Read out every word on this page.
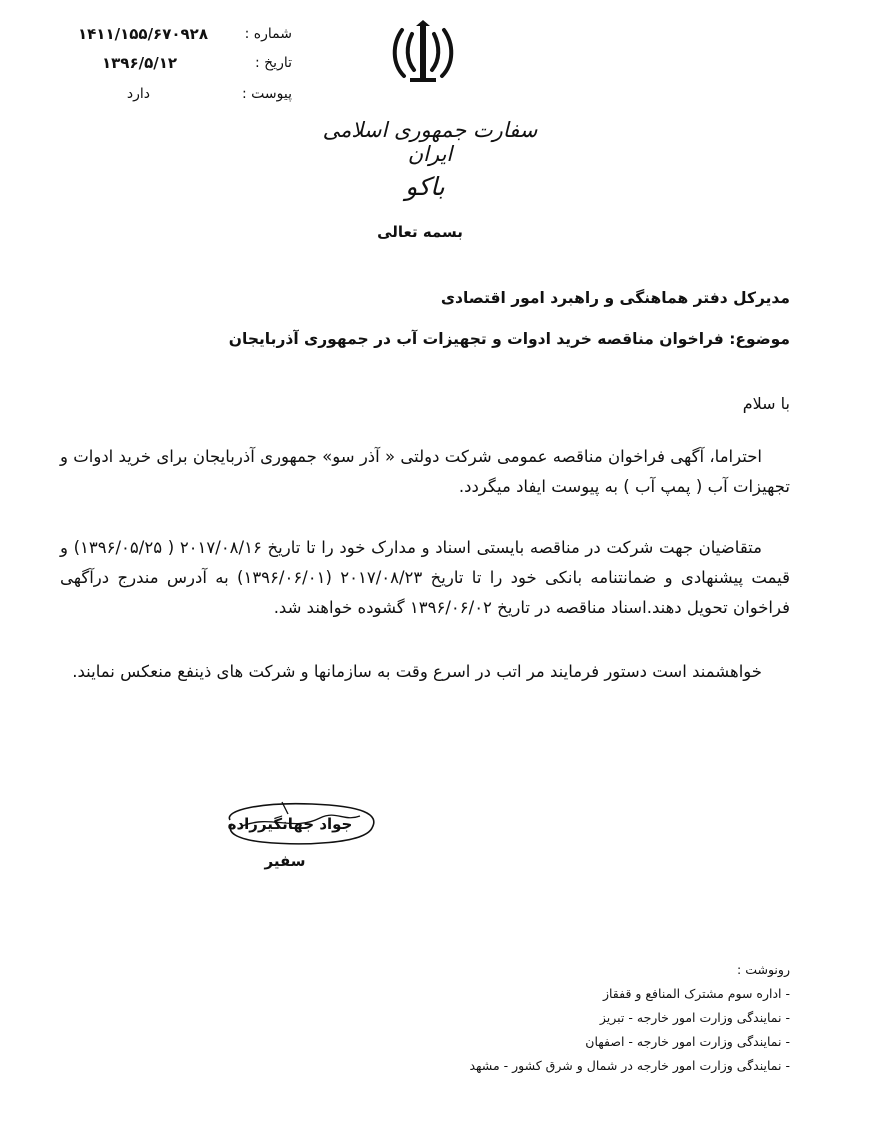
شماره :
۱۴۱۱/۱۵۵/۶۷۰۹۲۸
تاریخ :
۱۳۹۶/۵/۱۲
پیوست :
دارد
سفارت جمهوری اسلامی ایران
باکو
بسمه تعالی
مدیرکل دفتر هماهنگی و راهبرد امور اقتصادی
موضوع: فراخوان مناقصه خرید ادوات و تجهیزات آب در جمهوری آذربایجان
با سلام
احتراما، آگهی فراخوان مناقصه عمومی شرکت دولتی « آذر سو» جمهوری آذربایجان برای خرید ادوات و تجهیزات آب ( پمپ آب ) به پیوست ایفاد میگردد.
متقاضیان جهت شرکت در مناقصه بایستی اسناد و مدارک خود را تا تاریخ ۲۰۱۷/۰۸/۱۶ ( ۱۳۹۶/۰۵/۲۵) و قیمت پیشنهادی و ضمانتنامه بانکی خود را تا تاریخ ۲۰۱۷/۰۸/۲۳ (۱۳۹۶/۰۶/۰۱) به آدرس مندرج درآگهی فراخوان تحویل دهند.اسناد مناقصه در تاریخ ۱۳۹۶/۰۶/۰۲ گشوده خواهند شد.
خواهشمند است دستور فرمایند مر اتب در اسرع وقت به سازمانها و شرکت های ذینفع منعکس نمایند.
جواد جهانگیرزاده
سفیر
رونوشت :
- اداره سوم مشترک المنافع و قفقاز
- نمایندگی وزارت امور خارجه - تبریز
- نمایندگی وزارت امور خارجه - اصفهان
- نمایندگی وزارت امور خارجه در شمال و شرق کشور - مشهد
